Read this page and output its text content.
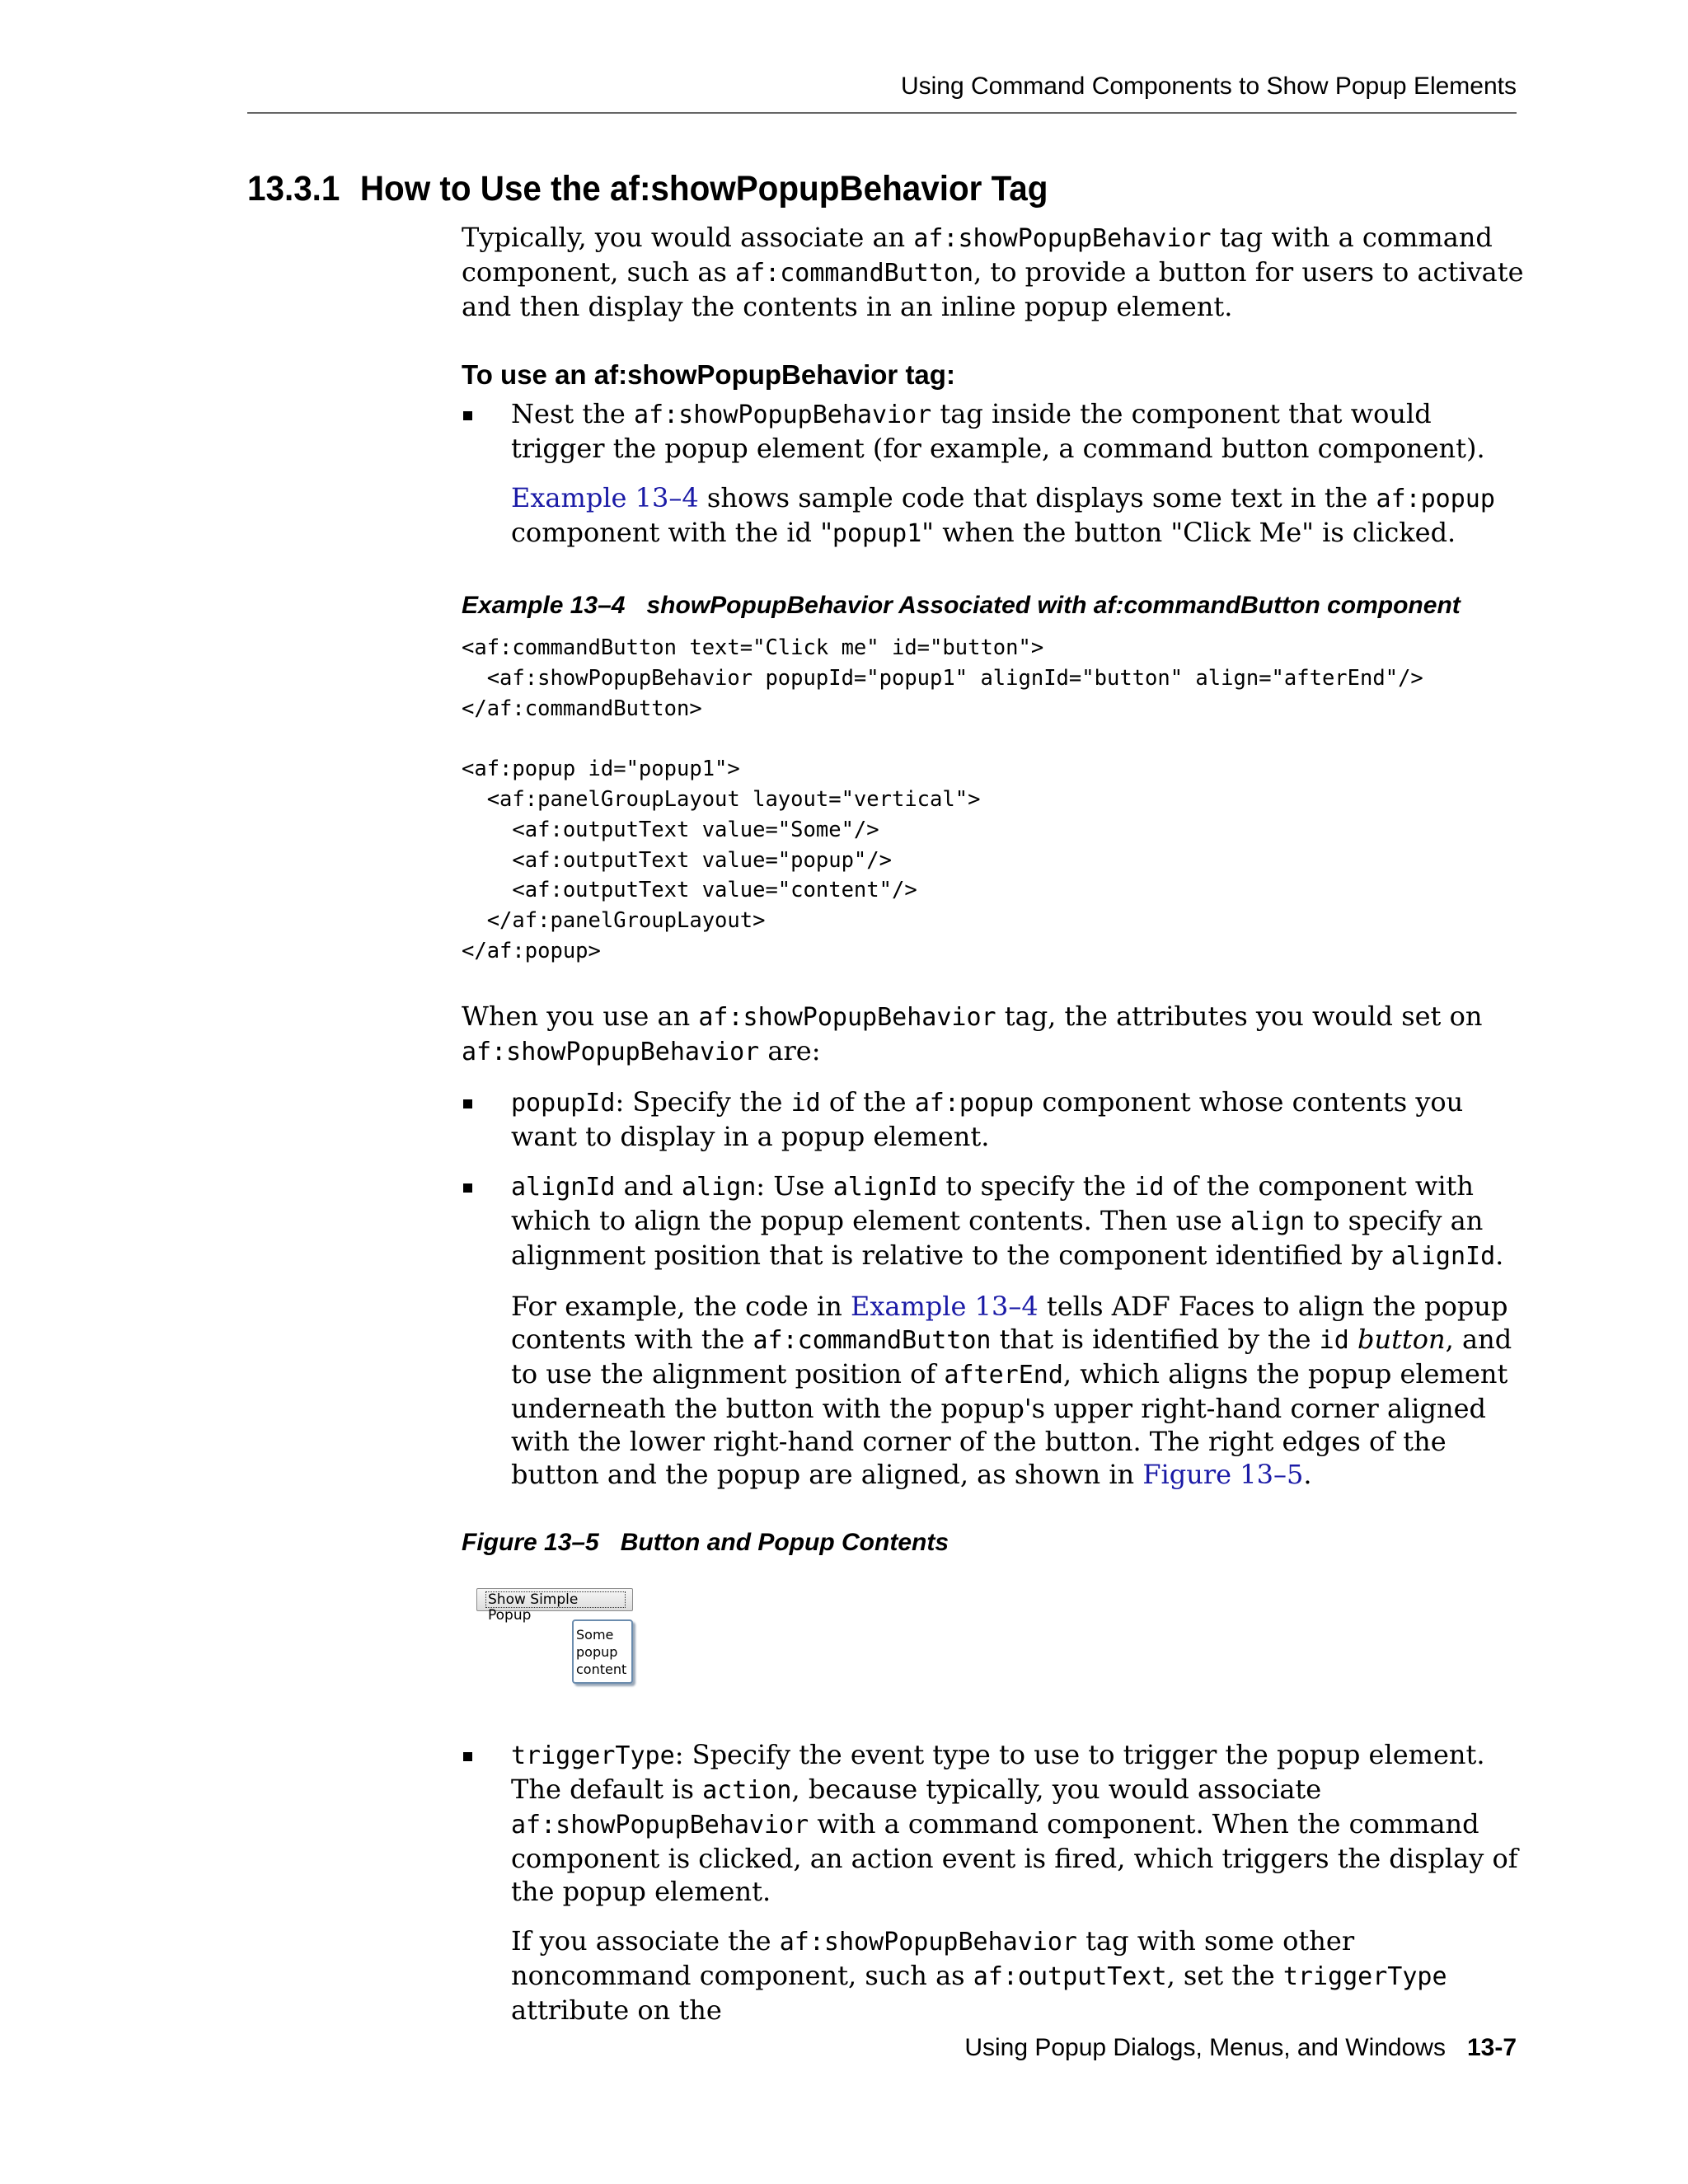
Using Command Components to Show Popup Elements
13.3.1 How to Use the af:showPopupBehavior Tag

Typically, you would associate an af:showPopupBehavior tag with a command component, such as af:commandButton, to provide a button for users to activate and then display the contents in an inline popup element.

To use an af:showPopupBehavior tag:

Nest the af:showPopupBehavior tag inside the component that would trigger the popup element (for example, a command button component).

Example 13–4 shows sample code that displays some text in the af:popup component with the id "popup1" when the button "Click Me" is clicked.

Example 13–4 showPopupBehavior Associated with af:commandButton component
<af:commandButton text="Click me" id="button">
<af:showPopupBehavior popupId="popup1" alignId="button" align="afterEnd"/>
</af:commandButton>

<af:popup id="popup1">
<af:panelGroupLayout layout="vertical">
<af:outputText value="Some"/>
<af:outputText value="popup"/>
<af:outputText value="content"/>
</af:panelGroupLayout>
</af:popup>

When you use an af:showPopupBehavior tag, the attributes you would set on af:showPopupBehavior are:

popupId: Specify the id of the af:popup component whose contents you want to display in a popup element.

alignId and align: Use alignId to specify the id of the component with which to align the popup element contents. Then use align to specify an alignment position that is relative to the component identified by alignId.

For example, the code in Example 13–4 tells ADF Faces to align the popup contents with the af:commandButton that is identified by the id button, and to use the alignment position of afterEnd, which aligns the popup element underneath the button with the popup's upper right-hand corner aligned with the lower right-hand corner of the button. The right edges of the button and the popup are aligned, as shown in Figure 13–5.

Figure 13–5 Button and Popup Contents
Show Simple Popup
Some
popup
content

triggerType: Specify the event type to use to trigger the popup element. The default is action, because typically, you would associate af:showPopupBehavior with a command component. When the command component is clicked, an action event is fired, which triggers the display of the popup element.

If you associate the af:showPopupBehavior tag with some other noncommand component, such as af:outputText, set the triggerType attribute on the

Using Popup Dialogs, Menus, and Windows 13-7
